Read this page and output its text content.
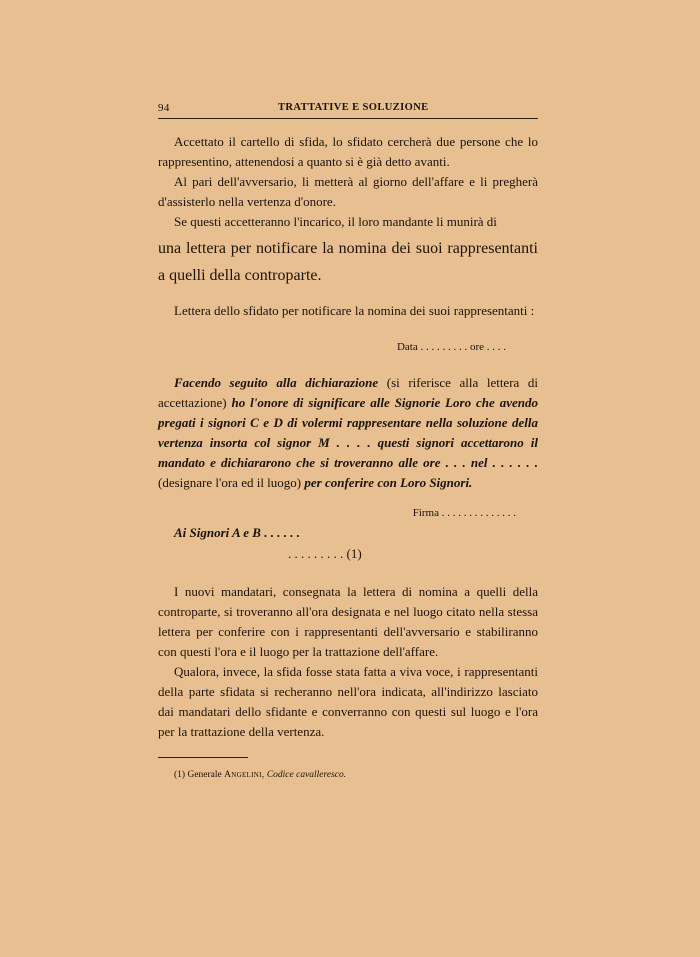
94	TRATTATIVE E SOLUZIONE

Accettato il cartello di sfida, lo sfidato cercherà due persone che lo rappresentino, attenendosi a quanto si è già detto avanti.

Al pari dell'avversario, li metterà al giorno dell'affare e li pregherà d'assisterlo nella vertenza d'onore.

Se questi accetteranno l'incarico, il loro mandante li munirà di

una lettera per notificare la nomina dei suoi rappresentanti a quelli della controparte.

Lettera dello sfidato per notificare la nomina dei suoi rappresentanti :

Data . . . . . . . . . ore . . . .

Facendo seguito alla dichiarazione (si riferisce alla lettera di accettazione) ho l'onore di significare alle Signorie Loro che avendo pregati i signori C e D di volermi rappresentare nella soluzione della vertenza insorta col signor M . . . . questi signori accettarono il mandato e dichiararono che si troveranno alle ore . . . nel . . . . . . (designare l'ora ed il luogo) per conferire con Loro Signori.

Firma . . . . . . . . . . . . . .

Ai Signori A e B . . . . . .

. . . . . . . . . (1)

I nuovi mandatari, consegnata la lettera di nomina a quelli della controparte, si troveranno all'ora designata e nel luogo citato nella stessa lettera per conferire con i rappresentanti dell'avversario e stabiliranno con questi l'ora e il luogo per la trattazione dell'affare.

Qualora, invece, la sfida fosse stata fatta a viva voce, i rappresentanti della parte sfidata si recheranno nell'ora indicata, all'indirizzo lasciato dai mandatari dello sfidante e converranno con questi sul luogo e l'ora per la trattazione della vertenza.

(1) Generale Angelini, Codice cavalleresco.
